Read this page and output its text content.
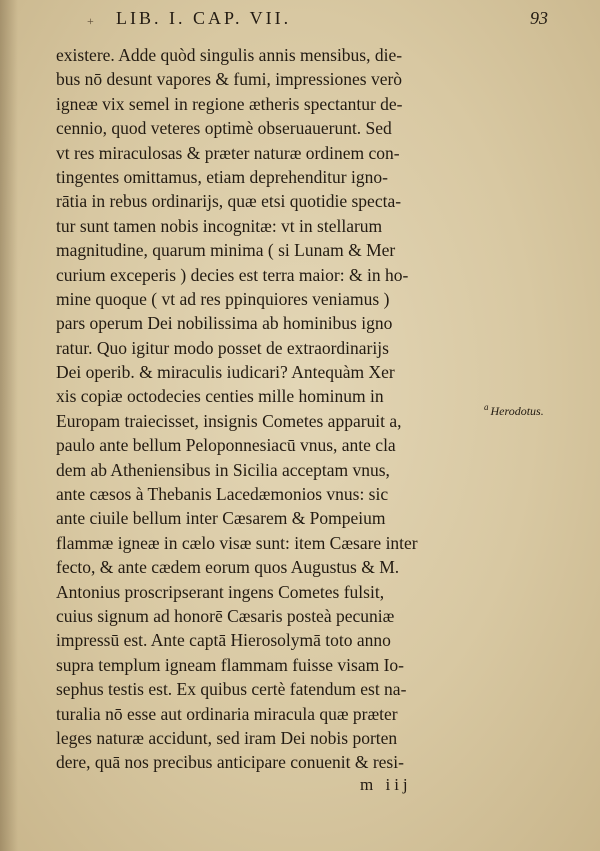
+ LIB. I. CAP. VII.	93
existere. Adde quòd singulis annis mensibus, die-
bus nō desunt vapores & fumi, impressiones verò
igneæ vix semel in regione ætheris spectantur de-
cennio, quod veteres optimè obseruauerunt. Sed
vt res miraculosas & præter naturæ ordinem con-
tingentes omittamus, etiam deprehenditur igno-
rātia in rebus ordinarijs, quæ etsi quotidie specta-
tur sunt tamen nobis incognitæ: vt in stellarum
magnitudine, quarum minima ( si Lunam & Mer
curium exceperis ) decies est terra maior: & in ho-
mine quoque ( vt ad res ppinquiores veniamus )
pars operum Dei nobilissima ab hominibus igno
ratur. Quo igitur modo posset de extraordinarijs
Dei operib. & miraculis iudicari? Antequàm Xer
xis copiæ octodecies centies mille hominum in
Europam traiecisset, insignis Cometes apparuit a,
paulo ante bellum Peloponnesiacū vnus, ante cla
dem ab Atheniensibus in Sicilia acceptam vnus,
ante cæsos à Thebanis Lacedæmonios vnus: sic
ante ciuile bellum inter Cæsarem & Pompeium
flammæ igneæ in cælo visæ sunt: item Cæsare inter
fecto, & ante cædem eorum quos Augustus & M.
Antonius proscripserant ingens Cometes fulsit,
cuius signum ad honorē Cæsaris posteà pecuniæ
impressū est. Ante captā Hierosolymā toto anno
supra templum igneam flammam fuisse visam Io-
sephus testis est. Ex quibus certè fatendum est na-
turalia nō esse aut ordinaria miracula quæ præter
leges naturæ accidunt, sed iram Dei nobis porten
dere, quā nos precibus anticipare conuenit & resi-
$^a$ Herodotus.
m iij
